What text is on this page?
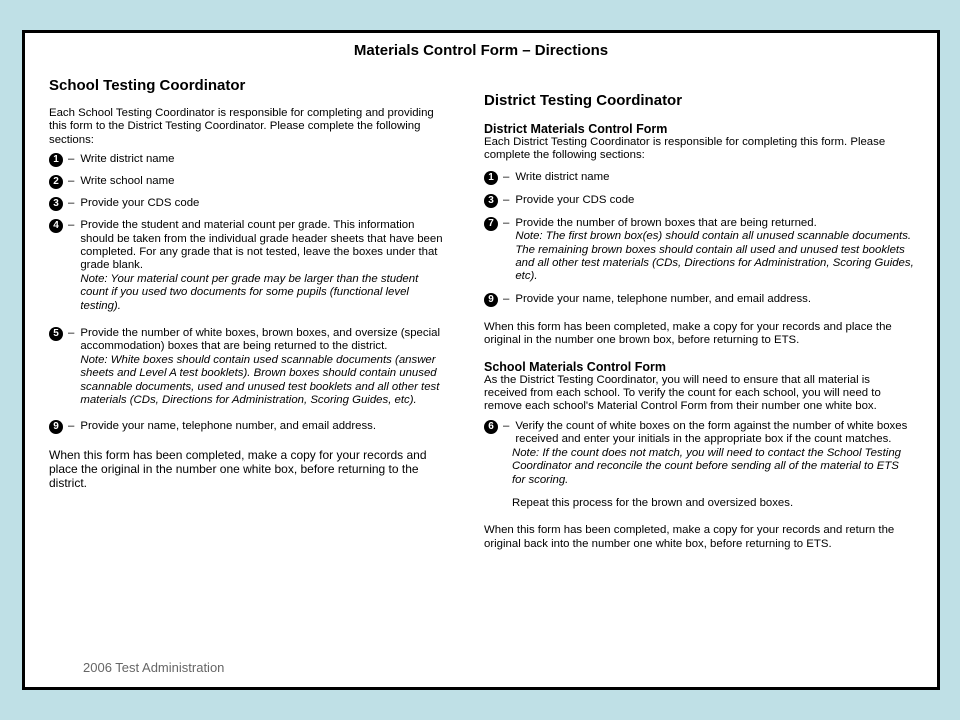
Materials Control Form – Directions

School Testing Coordinator

Each School Testing Coordinator is responsible for completing and providing this form to the District Testing Coordinator. Please complete the following sections:

1 – Write district name
2 – Write school name
3 – Provide your CDS code
4 – Provide the student and material count per grade. This information should be taken from the individual grade header sheets that have been completed. For any grade that is not tested, leave the boxes under that grade blank.
Note: Your material count per grade may be larger than the student count if you used two documents for some pupils (functional level testing).
5 – Provide the number of white boxes, brown boxes, and oversize (special accommodation) boxes that are being returned to the district.
Note: White boxes should contain used scannable documents (answer sheets and Level A test booklets). Brown boxes should contain unused scannable documents, used and unused test booklets and all other test materials (CDs, Directions for Administration, Scoring Guides, etc).
9 – Provide your name, telephone number, and email address.

When this form has been completed, make a copy for your records and place the original in the number one white box, before returning to the district.

District Testing Coordinator

District Materials Control Form

Each District Testing Coordinator is responsible for completing this form. Please complete the following sections:

1 – Write district name
3 – Provide your CDS code
7 – Provide the number of brown boxes that are being returned.
Note: The first brown box(es) should contain all unused scannable documents. The remaining brown boxes should contain all used and unused test booklets and all other test materials (CDs, Directions for Administration, Scoring Guides, etc).
9 – Provide your name, telephone number, and email address.

When this form has been completed, make a copy for your records and place the original in the number one brown box, before returning to ETS.

School Materials Control Form

As the District Testing Coordinator, you will need to ensure that all material is received from each school. To verify the count for each school, you will need to remove each school's Material Control Form from their number one white box.

6 – Verify the count of white boxes on the form against the number of white boxes received and enter your initials in the appropriate box if the count matches.

Note: If the count does not match, you will need to contact the School Testing Coordinator and reconcile the count before sending all of the material to ETS for scoring.

Repeat this process for the brown and oversized boxes.

When this form has been completed, make a copy for your records and return the original back into the number one white box, before returning to ETS.

2006 Test Administration
